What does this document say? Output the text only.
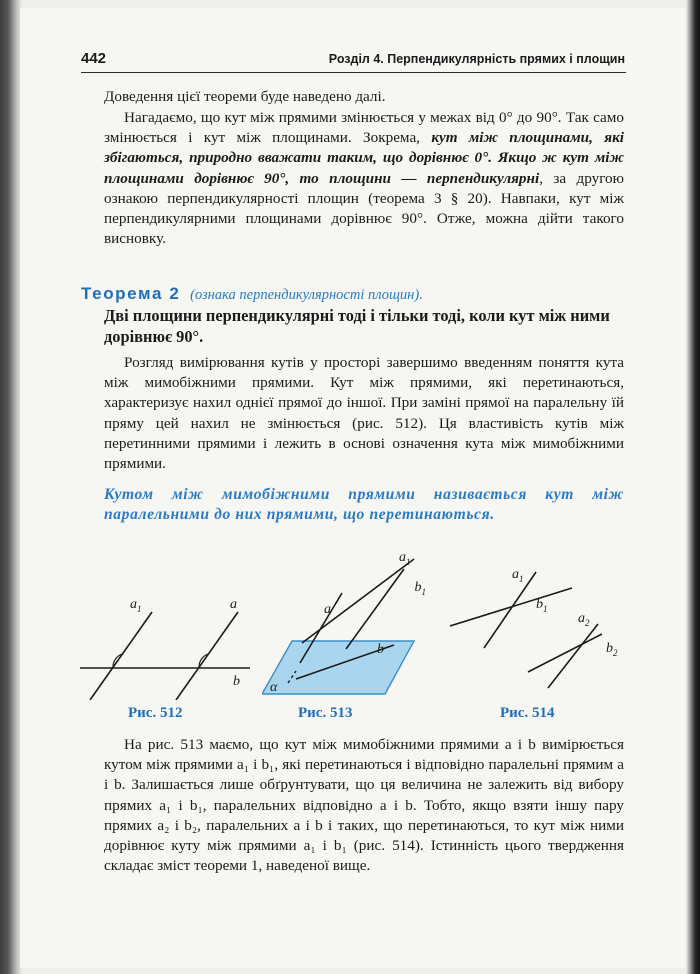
442	Розділ 4. Перпендикулярність прямих і площин
Доведення цієї теореми буде наведено далі.
Нагадаємо, що кут між прямими змінюється у межах від 0° до 90°. Так само змінюється і кут між площинами. Зокрема, кут між площинами, які збігаються, природно вважати таким, що дорівнює 0°. Якщо ж кут між площинами дорівнює 90°, то площини — перпендикулярні, за другою ознакою перпендикулярності площин (теорема 3 § 20). Навпаки, кут між перпендикулярними площинами дорівнює 90°. Отже, можна дійти такого висновку.
Теорема 2 (ознака перпендикулярності площин).
Дві площини перпендикулярні тоді і тільки тоді, коли кут між ними дорівнює 90°.
Розгляд вимірювання кутів у просторі завершимо введенням поняття кута між мимобіжними прямими. Кут між прямими, які перетинаються, характеризує нахил однієї прямої до іншої. При заміні прямої на паралельну їй пряму цей нахил не змінюється (рис. 512). Ця властивість кутів між перетинними прямими і лежить в основі означення кута між мимобіжними прямими.
Кутом між мимобіжними прямими називається кут між паралельними до них прямими, що перетинаються.
$a_1$	a
b
Рис. 512
$a_1$
$b_1$
a
b
α
Рис. 513
$a_1$
$b_1$
$a_2$
$b_2$
Рис. 514
На рис. 513 маємо, що кут між мимобіжними прямими a і b вимірюється кутом між прямими a₁ і b₁, які перетинаються і відповідно паралельні прямим a і b. Залишається лише обґрунтувати, що ця величина не залежить від вибору прямих a₁ і b₁, паралельних відповідно a і b. Тобто, якщо взяти іншу пару прямих a₂ і b₂, паралельних a і b і таких, що перетинаються, то кут між ними дорівнює куту між прямими a₁ і b₁ (рис. 514). Істинність цього твердження складає зміст теореми 1, наведеної вище.
